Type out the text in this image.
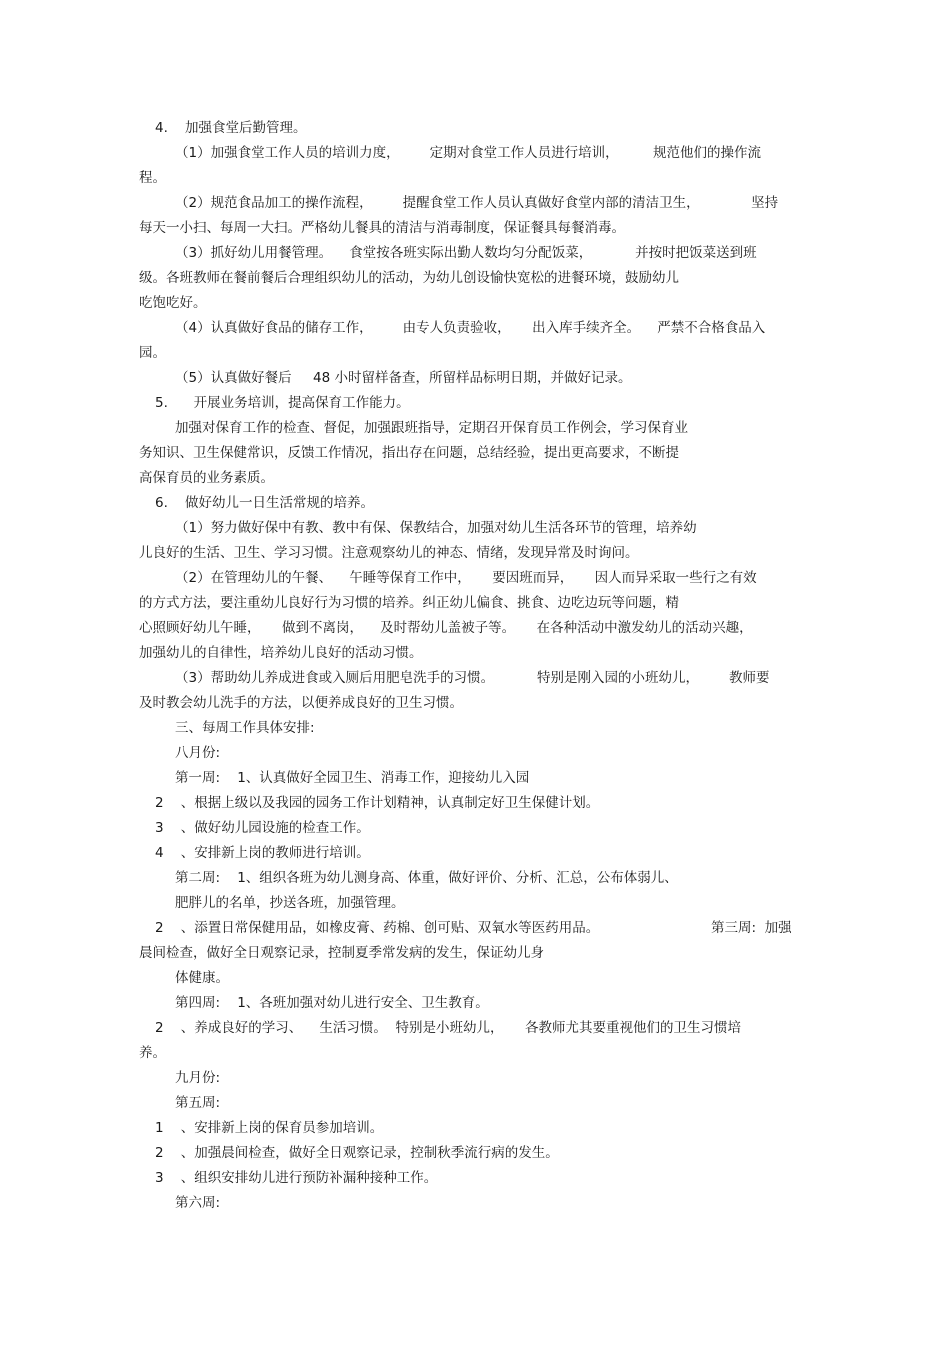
4.    加强食堂后勤管理。
（1）加强食堂工作人员的培训力度，       定期对食堂工作人员进行培训，        规范他们的操作流
程。
（2）规范食品加工的操作流程，       提醒食堂工作人员认真做好食堂内部的清洁卫生，            坚持
每天一小扫、每周一大扫。严格幼儿餐具的清洁与消毒制度，保证餐具每餐消毒。
（3）抓好幼儿用餐管理。    食堂按各班实际出勤人数均匀分配饭菜，          并按时把饭菜送到班
级。各班教师在餐前餐后合理组织幼儿的活动，为幼儿创设愉快宽松的进餐环境，鼓励幼儿
吃饱吃好。
（4）认真做好食品的储存工作，       由专人负责验收，     出入库手续齐全。    严禁不合格食品入
园。
（5）认真做好餐后     48 小时留样备查，所留样品标明日期，并做好记录。
5.      开展业务培训，提高保育工作能力。
加强对保育工作的检查、督促，加强跟班指导，定期召开保育员工作例会，学习保育业
务知识、卫生保健常识，反馈工作情况，指出存在问题，总结经验，提出更高要求，不断提
高保育员的业务素质。
6.    做好幼儿一日生活常规的培养。
（1）努力做好保中有教、教中有保、保教结合，加强对幼儿生活各环节的管理，培养幼
儿良好的生活、卫生、学习习惯。注意观察幼儿的神态、情绪，发现异常及时询问。
（2）在管理幼儿的午餐、    午睡等保育工作中，     要因班而异，     因人而异采取一些行之有效
的方式方法，要注重幼儿良好行为习惯的培养。纠正幼儿偏食、挑食、边吃边玩等问题，精
心照顾好幼儿午睡，     做到不离岗，    及时帮幼儿盖被子等。     在各种活动中激发幼儿的活动兴趣，
加强幼儿的自律性，培养幼儿良好的活动习惯。
（3）帮助幼儿养成进食或入厕后用肥皂洗手的习惯。          特别是刚入园的小班幼儿，       教师要
及时教会幼儿洗手的方法，以便养成良好的卫生习惯。
三、每周工作具体安排:
八月份:
第一周:    1、认真做好全园卫生、消毒工作，迎接幼儿入园
2    、根据上级以及我园的园务工作计划精神，认真制定好卫生保健计划。
3    、做好幼儿园设施的检查工作。
4    、安排新上岗的教师进行培训。
第二周:    1、组织各班为幼儿测身高、体重，做好评价、分析、汇总，公布体弱儿、
肥胖儿的名单，抄送各班，加强管理。
2    、添置日常保健用品，如橡皮膏、药棉、创可贴、双氧水等医药用品。	第三周:  加强
晨间检查，做好全日观察记录，控制夏季常发病的发生，保证幼儿身
体健康。
第四周:    1、各班加强对幼儿进行安全、卫生教育。
2    、养成良好的学习、    生活习惯。  特别是小班幼儿，     各教师尤其要重视他们的卫生习惯培
养。
九月份:
第五周:
1    、安排新上岗的保育员参加培训。
2    、加强晨间检查，做好全日观察记录，控制秋季流行病的发生。
3    、组织安排幼儿进行预防补漏种接种工作。
第六周:
